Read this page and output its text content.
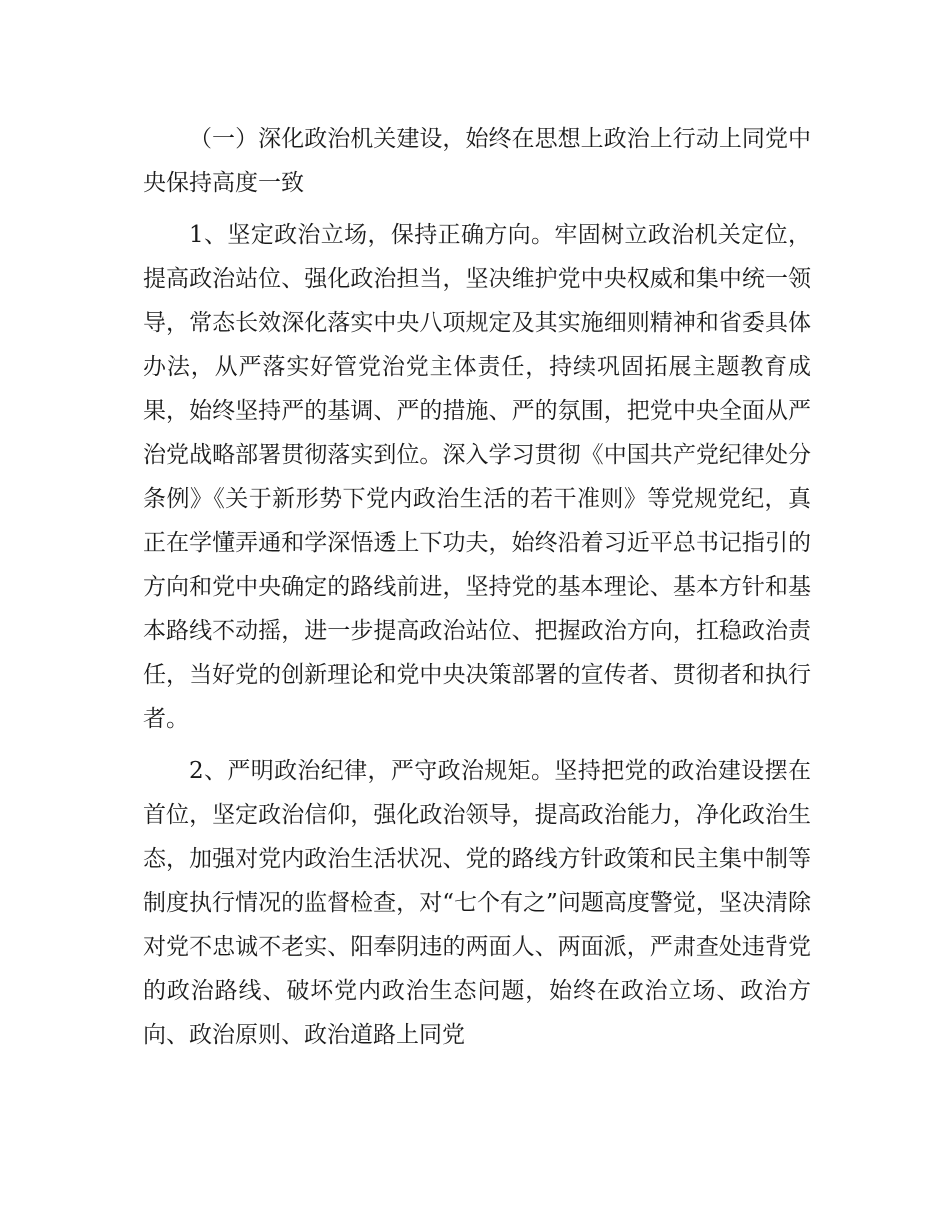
（一）深化政治机关建设，始终在思想上政治上行动上同党中央保持高度一致

1、坚定政治立场，保持正确方向。牢固树立政治机关定位，提高政治站位、强化政治担当，坚决维护党中央权威和集中统一领导，常态长效深化落实中央八项规定及其实施细则精神和省委具体办法，从严落实好管党治党主体责任，持续巩固拓展主题教育成果，始终坚持严的基调、严的措施、严的氛围，把党中央全面从严治党战略部署贯彻落实到位。深入学习贯彻《中国共产党纪律处分条例》《关于新形势下党内政治生活的若干准则》等党规党纪，真正在学懂弄通和学深悟透上下功夫，始终沿着习近平总书记指引的方向和党中央确定的路线前进，坚持党的基本理论、基本方针和基本路线不动摇，进一步提高政治站位、把握政治方向，扛稳政治责任，当好党的创新理论和党中央决策部署的宣传者、贯彻者和执行者。

2、严明政治纪律，严守政治规矩。坚持把党的政治建设摆在首位，坚定政治信仰，强化政治领导，提高政治能力，净化政治生态，加强对党内政治生活状况、党的路线方针政策和民主集中制等制度执行情况的监督检查，对“七个有之”问题高度警觉，坚决清除对党不忠诚不老实、阳奉阴违的两面人、两面派，严肃查处违背党的政治路线、破坏党内政治生态问题，始终在政治立场、政治方向、政治原则、政治道路上同党
